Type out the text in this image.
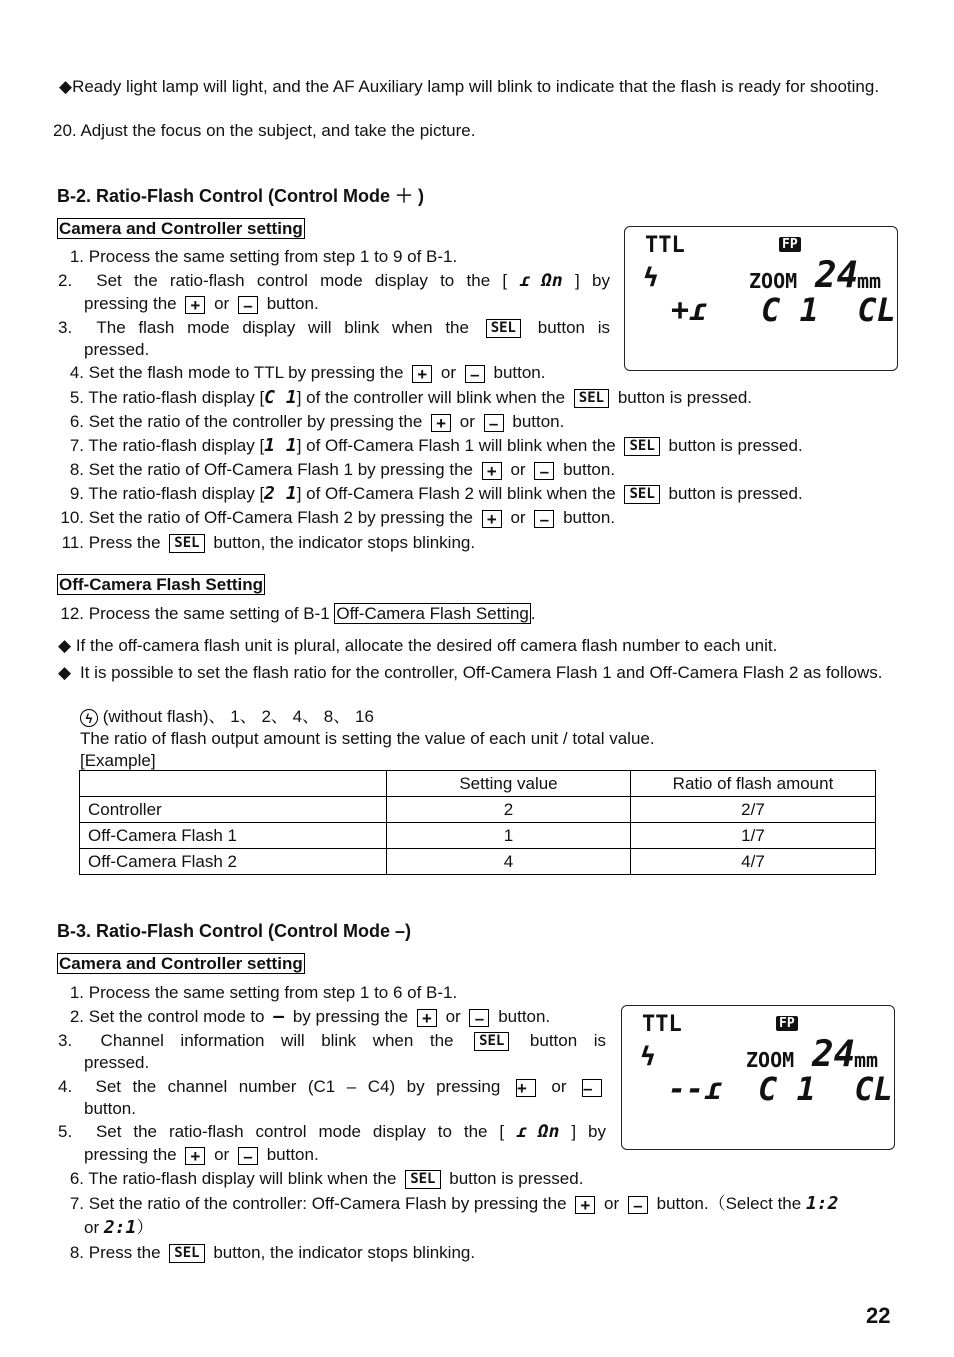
◆Ready light lamp will light, and the AF Auxiliary lamp will blink to indicate that the flash is ready for shooting.
20. Adjust the focus on the subject, and take the picture.
B-2. Ratio-Flash Control (Control Mode ＋ )
Camera and Controller setting
TTL	FP
ϟ	ZOOM 24
mm
+ɾ C 1  CL
1. Process the same setting from step 1 to 9 of B-1.
2. Set the ratio-flash control mode display to the [ ɾ Ωn ] by
pressing the + or – button.
3. The flash mode display will blink when the SEL button is
pressed.
4. Set the flash mode to TTL by pressing the + or – button.
5. The ratio-flash display [C 1] of the controller will blink when the SEL button is pressed.
6. Set the ratio of the controller by pressing the + or – button.
7. The ratio-flash display [1 1] of Off-Camera Flash 1 will blink when the SEL button is pressed.
8. Set the ratio of Off-Camera Flash 1 by pressing the + or – button.
9. The ratio-flash display [2 1] of Off-Camera Flash 2 will blink when the SEL button is pressed.
10. Set the ratio of Off-Camera Flash 2 by pressing the + or – button.
11. Press the SEL button, the indicator stops blinking.
Off-Camera Flash Setting
12. Process the same setting of B-1 Off-Camera Flash Setting .
◆ If the off-camera flash unit is plural, allocate the desired off camera flash number to each unit.
◆ It is possible to set the flash ratio for the controller, Off-Camera Flash 1 and Off-Camera Flash 2 as follows.
ϟ (without flash)、 1、 2、 4、 8、 16
The ratio of flash output amount is setting the value of each unit / total value.
[Example]
	Setting value	Ratio of flash amount
Controller	2	2/7
Off-Camera Flash 1	1	1/7
Off-Camera Flash 2	4	4/7
B-3. Ratio-Flash Control (Control Mode –)
Camera and Controller setting
TTL	FP
ϟ	ZOOM 24
mm
--ɾ C 1  CL
1. Process the same setting from step 1 to 6 of B-1.
2. Set the control mode to — by pressing the + or – button.
3. Channel information will blink when the SEL button is
pressed.
4. Set the channel number (C1 – C4) by pressing + or –
button.
5. Set the ratio-flash control mode display to the [ ɾ Ωn ] by
pressing the + or – button.
6. The ratio-flash display will blink when the SEL button is pressed.
7. Set the ratio of the controller: Off-Camera Flash by pressing the + or – button.（Select the 1:2
or 2:1）
8. Press the SEL button, the indicator stops blinking.
22
